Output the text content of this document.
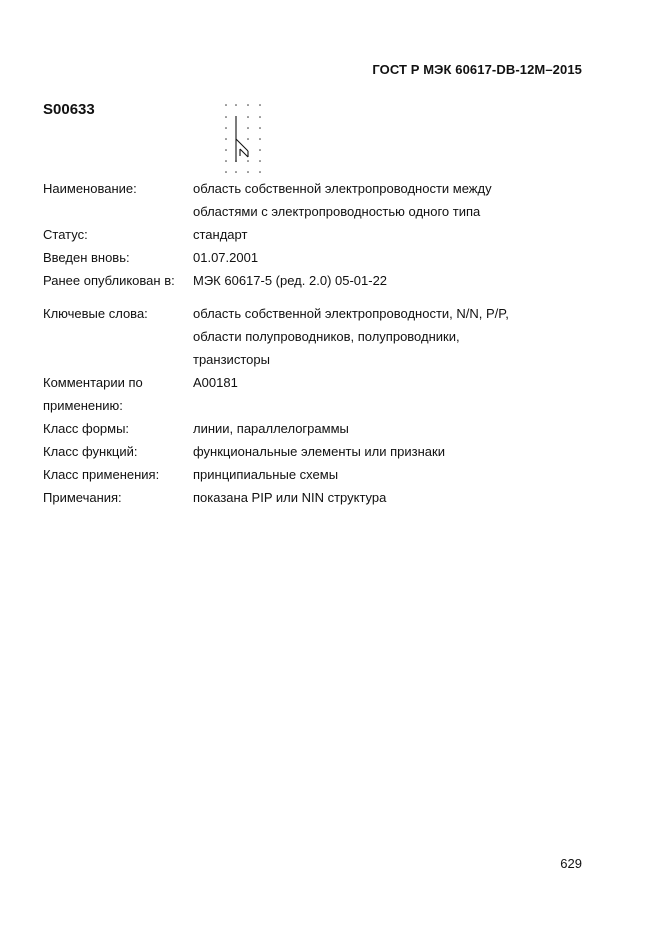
ГОСТ Р МЭК 60617-DB-12М–2015
S00633
Наименование:	область собственной электропроводности между
областями с электропроводностью одного типа
Статус:	стандарт
Введен вновь:	01.07.2001
Ранее опубликован в:	МЭК 60617-5 (ред. 2.0) 05-01-22
Ключевые слова:	область собственной электропроводности, N/N, P/P,
области полупроводников, полупроводники,
транзисторы
Комментарии по
применению:
A00181
Класс формы:	линии, параллелограммы
Класс функций:	функциональные элементы или признаки
Класс применения:	принципиальные схемы
Примечания:	показана PIP или NIN структура
629
